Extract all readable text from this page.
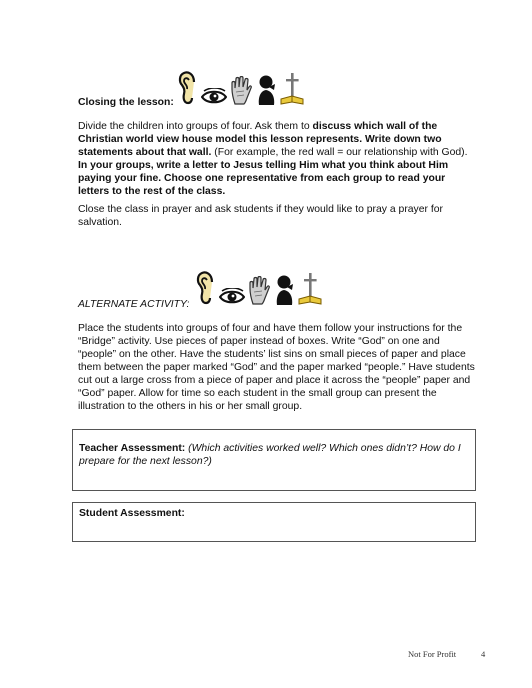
Closing the lesson:
Divide the children into groups of four. Ask them to discuss which wall of the Christian world view house model this lesson represents. Write down two statements about that wall. (For example, the red wall = our relationship with God). In your groups, write a letter to Jesus telling Him what you think about Him paying your fine. Choose one representative from each group to read your letters to the rest of the class.
Close the class in prayer and ask students if they would like to pray a prayer for salvation.
ALTERNATE ACTIVITY:
Place the students into groups of four and have them follow your instructions for the “Bridge” activity. Use pieces of paper instead of boxes. Write “God” on one and “people” on the other. Have the students’ list sins on small pieces of paper and place them between the paper marked “God” and the paper marked “people.” Have students cut out a large cross from a piece of paper and place it across the “people” paper and “God” paper. Allow for time so each student in the small group can present the illustration to the others in his or her small group.
Teacher Assessment: (Which activities worked well? Which ones didn’t? How do I prepare for the next lesson?)
Student Assessment:
Not For Profit	4
